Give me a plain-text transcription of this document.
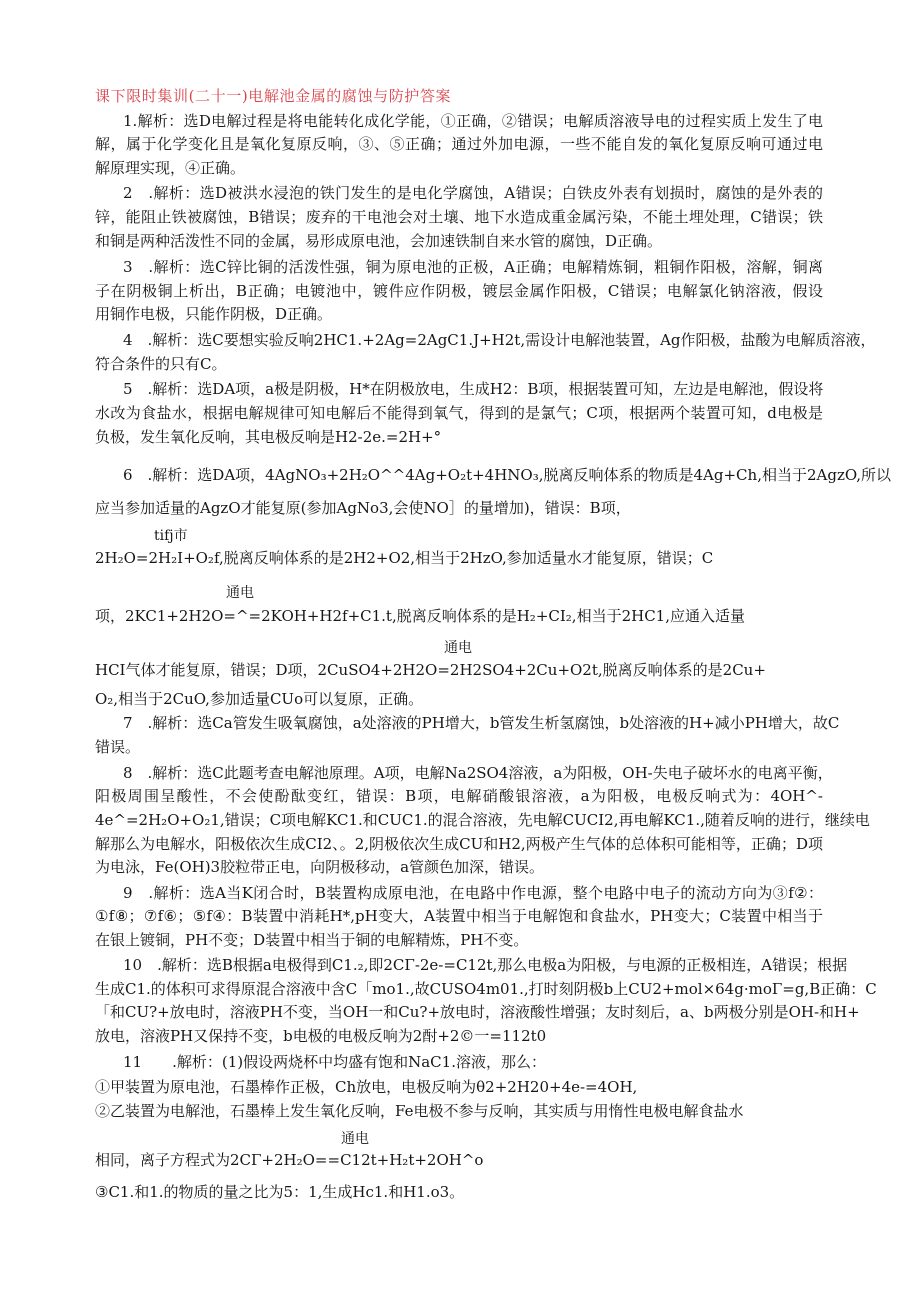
课下限时集训(二十一)电解池金属的腐蚀与防护答案
1.解析：选D电解过程是将电能转化成化学能，①正确，②错误；电解质溶液导电的过程实质上发生了电
解，属于化学变化且是氧化复原反响，③、⑤正确；通过外加电源，一些不能自发的氧化复原反响可通过电
解原理实现，④正确。
2　.解析：选D被洪水浸泡的铁门发生的是电化学腐蚀，A错误；白铁皮外表有划损时，腐蚀的是外表的
锌，能阻止铁被腐蚀，B错误；废弃的干电池会对土壤、地下水造成重金属污染，不能土埋处理，C错误；铁
和铜是两种活泼性不同的金属，易形成原电池，会加速铁制自来水管的腐蚀，D正确。
3　.解析：选C锌比铜的活泼性强，铜为原电池的正极，A正确；电解精炼铜，粗铜作阳极，溶解，铜离
子在阴极铜上析出，B正确；电镀池中，镀件应作阴极，镀层金属作阳极，C错误；电解氯化钠溶液，假设
用铜作电极，只能作阴极，D正确。
4　.解析：选C要想实验反响2HC1.+2Ag=2AgC1.J+H2t,需设计电解池装置，Ag作阳极，盐酸为电解质溶液，
符合条件的只有C。
5　.解析：选DA项，a极是阴极，H*在阴极放电，生成H2：B项，根据装置可知，左边是电解池，假设将
水改为食盐水，根据电解规律可知电解后不能得到氧气，得到的是氯气；C项，根据两个装置可知，d电极是
负极，发生氧化反响，其电极反响是H2-2e.=2H+°
6　.解析：选DA项，4AgNO₃+2H₂O^^4Ag+O₂t+4HNO₃,脱离反响体系的物质是4Ag+Ch,相当于2AgzO,所以
应当参加适量的AgzO才能复原(参加AgNo3,会使NO］的量增加)，错误：B项，
tifj市
2H₂O=2H₂I+O₂f,脱离反响体系的是2H2+O2,相当于2HzO,参加适量水才能复原，错误；C
通电
项，2KC1+2H2O=^=2KOH+H2f+C1.t,脱离反响体系的是H₂+CI₂,相当于2HC1,应通入适量
通电
HCI气体才能复原，错误；D项，2CuSO4+2H2O=2H2SO4+2Cu+O2t,脱离反响体系的是2Cu+
O₂,相当于2CuO,参加适量CUo可以复原，正确。
7　.解析：选Ca管发生吸氧腐蚀，a处溶液的PH增大，b管发生析氢腐蚀，b处溶液的H+减小PH增大，故C
错误。
8　.解析：选C此题考查电解池原理。A项，电解Na2SO4溶液，a为阳极，OH-失电子破坏水的电离平衡，
阳极周围呈酸性，不会使酚酞变红，错误：B项，电解硝酸银溶液，a为阳极，电极反响式为：4OH^-
4e^=2H₂O+O₂1,错误；C项电解KC1.和CUC1.的混合溶液，先电解CUCI2,再电解KC1.,随着反响的进行，继续电
解那么为电解水，阳极依次生成CI2、。2,阴极依次生成CU和H2,两极产生气体的总体积可能相等，正确；D项
为电泳，Fe(OH)3胶粒带正电，向阴极移动，a管颜色加深，错误。
9　.解析：选A当K闭合时，B装置构成原电池，在电路中作电源，整个电路中电子的流动方向为③f②：
①f⑧；⑦f⑥；⑤f④：B装置中消耗H*,pH变大，A装置中相当于电解饱和食盐水，PH变大；C装置中相当于
在银上镀铜，PH不变；D装置中相当于铜的电解精炼，PH不变。
10　.解析：选B根据a电极得到C1.₂,即2CΓ-2e-=C12t,那么电极a为阳极，与电源的正极相连，A错误；根据
生成C1.的体积可求得原混合溶液中含C「mo1.,故CUSO4m01.,打时刻阴极b上CU2+mol×64g·moΓ=g,B正确：C
「和CU?+放电时，溶液PH不变，当OH一和Cu?+放电时，溶液酸性增强；友时刻后，a、b两极分别是OH-和H+
放电，溶液PH又保持不变，b电极的电极反响为2酎+2©一=112t0
11　　.解析：(1)假设两烧杯中均盛有饱和NaC1.溶液，那么：
①甲装置为原电池，石墨棒作正极，Ch放电，电极反响为θ2+2H20+4e-=4OH,
②乙装置为电解池，石墨棒上发生氧化反响，Fe电极不参与反响，其实质与用惰性电极电解食盐水
通电
相同，离子方程式为2CΓ+2H₂O==C12t+H₂t+2OH^o
③C1.和1.的物质的量之比为5：1,生成Hc1.和H1.o3。
